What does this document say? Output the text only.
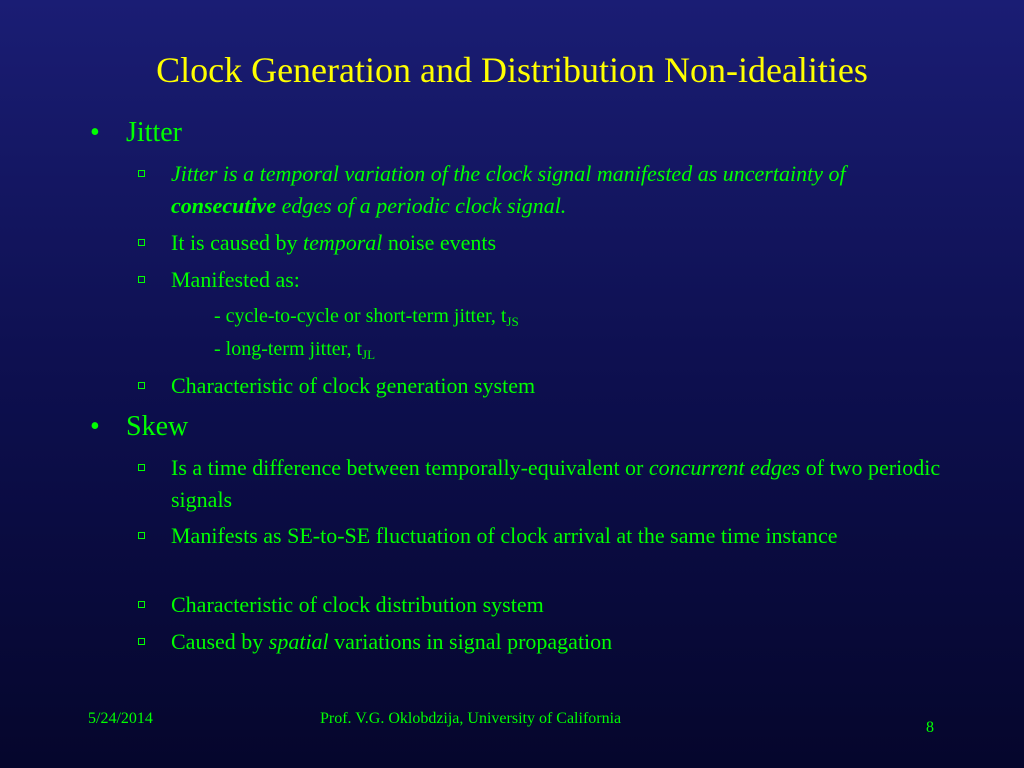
Clock Generation and Distribution Non-idealities
• Jitter
Jitter is a temporal variation of the clock signal manifested as uncertainty of consecutive edges of a periodic clock signal.
It is caused by temporal noise events
Manifested as:
- cycle-to-cycle or short-term jitter, $t_{JS}$
- long-term jitter, $t_{JL}$
Characteristic of clock generation system
• Skew
Is a time difference between temporally-equivalent or concurrent edges of two periodic signals
Manifests as SE-to-SE fluctuation of clock arrival at the same time instance
Characteristic of clock distribution system
Caused by spatial variations in signal propagation
5/24/2014	Prof. V.G. Oklobdzija, University of California
8
